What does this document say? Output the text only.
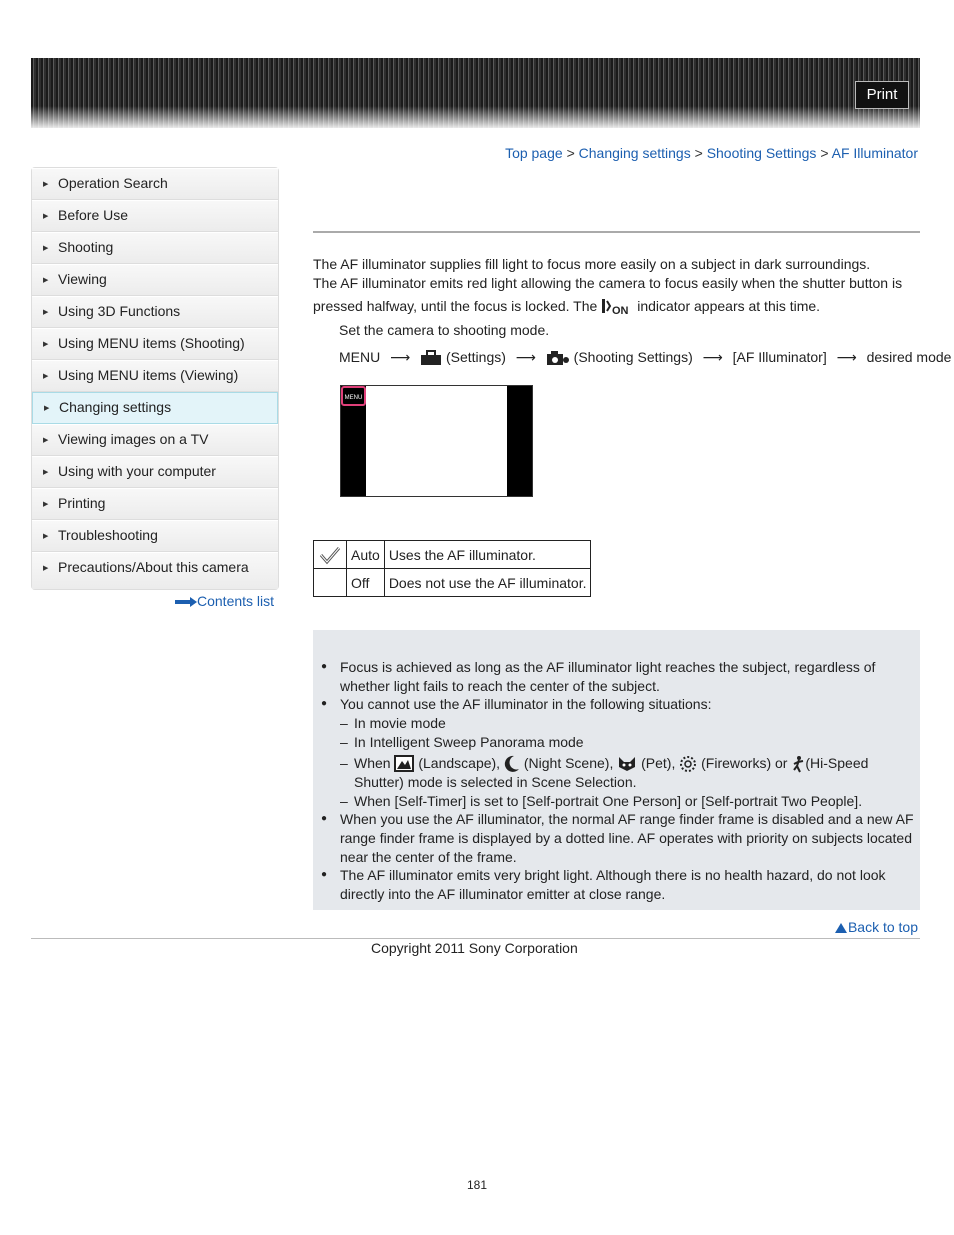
Print
Top page > Changing settings > Shooting Settings > AF Illuminator
▶ Operation Search
▶ Before Use
▶ Shooting
▶ Viewing
▶ Using 3D Functions
▶ Using MENU items (Shooting)
▶ Using MENU items (Viewing)
▶ Changing settings
▶ Viewing images on a TV
▶ Using with your computer
▶ Printing
▶ Troubleshooting
▶ Precautions/About this camera
Contents list
The AF illuminator supplies fill light to focus more easily on a subject in dark surroundings.
The AF illuminator emits red light allowing the camera to focus easily when the shutter button is
pressed halfway, until the focus is locked. The ON indicator appears at this time.
Set the camera to shooting mode.
MENU ⟶	(Settings) ⟶	(Shooting Settings) ⟶ [AF Illuminator] ⟶ desired mode
MENU
	Auto	Uses the AF illuminator.
	Off	Does not use the AF illuminator.
● Focus is achieved as long as the AF illuminator light reaches the subject, regardless of whether light fails to reach the center of the subject.
● You cannot use the AF illuminator in the following situations:
– In movie mode
– In Intelligent Sweep Panorama mode
– When (Landscape), (Night Scene), (Pet), (Fireworks) or (Hi-Speed Shutter) mode is selected in Scene Selection.
– When [Self-Timer] is set to [Self-portrait One Person] or [Self-portrait Two People].
● When you use the AF illuminator, the normal AF range finder frame is disabled and a new AF range finder frame is displayed by a dotted line. AF operates with priority on subjects located near the center of the frame.
● The AF illuminator emits very bright light. Although there is no health hazard, do not look directly into the AF illuminator emitter at close range.
Back to top
Copyright 2011 Sony Corporation
181
